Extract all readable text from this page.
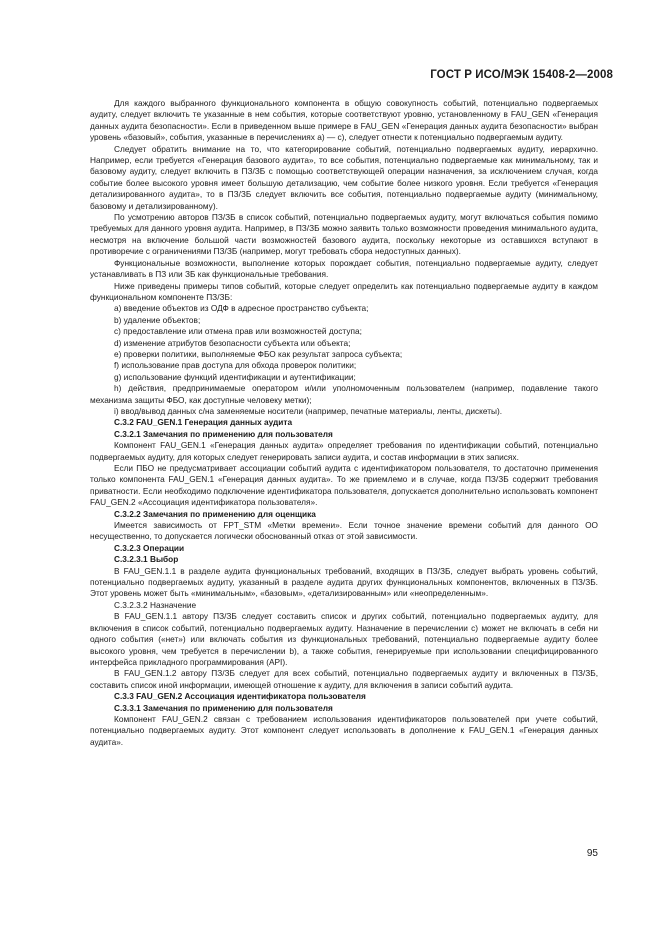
ГОСТ Р ИСО/МЭК 15408-2—2008

Для каждого выбранного функционального компонента в общую совокупность событий, потенциально подвергаемых аудиту, следует включить те указанные в нем события, которые соответствуют уровню, установленному в FAU_GEN «Генерация данных аудита безопасности». Если в приведенном выше примере в FAU_GEN «Генерация данных аудита безопасности» выбран уровень «базовый», события, указанные в перечислениях а) — с), следует отнести к потенциально подвергаемым аудиту.

Следует обратить внимание на то, что категорирование событий, потенциально подвергаемых аудиту, иерархично. Например, если требуется «Генерация базового аудита», то все события, потенциально подвергаемые как минимальному, так и базовому аудиту, следует включить в ПЗ/ЗБ с помощью соответствующей операции назначения, за исключением случая, когда событие более высокого уровня имеет большую детализацию, чем событие более низкого уровня. Если требуется «Генерация детализированного аудита», то в ПЗ/ЗБ следует включить все события, потенциально подвергаемые аудиту (минимальному, базовому и детализированному).

По усмотрению авторов ПЗ/ЗБ в список событий, потенциально подвергаемых аудиту, могут включаться события помимо требуемых для данного уровня аудита. Например, в ПЗ/ЗБ можно заявить только возможности проведения минимального аудита, несмотря на включение большой части возможностей базового аудита, поскольку некоторые из оставшихся вступают в противоречие с ограничениями ПЗ/ЗБ (например, могут требовать сбора недоступных данных).

Функциональные возможности, выполнение которых порождает события, потенциально подвергаемые аудиту, следует устанавливать в ПЗ или ЗБ как функциональные требования.

Ниже приведены примеры типов событий, которые следует определить как потенциально подвергаемые аудиту в каждом функциональном компоненте ПЗ/ЗБ:

a) введение объектов из ОДФ в адресное пространство субъекта;

b) удаление объектов;

c) предоставление или отмена прав или возможностей доступа;

d) изменение атрибутов безопасности субъекта или объекта;

e) проверки политики, выполняемые ФБО как результат запроса субъекта;

f) использование прав доступа для обхода проверок политики;

g) использование функций идентификации и аутентификации;

h) действия, предпринимаемые оператором и/или уполномоченным пользователем (например, подавление такого механизма защиты ФБО, как доступные человеку метки);

i) ввод/вывод данных с/на заменяемые носители (например, печатные материалы, ленты, дискеты).

C.3.2 FAU_GEN.1 Генерация данных аудита

C.3.2.1 Замечания по применению для пользователя

Компонент FAU_GEN.1 «Генерация данных аудита» определяет требования по идентификации событий, потенциально подвергаемых аудиту, для которых следует генерировать записи аудита, и состав информации в этих записях.

Если ПБО не предусматривает ассоциации событий аудита с идентификатором пользователя, то достаточно применения только компонента FAU_GEN.1 «Генерация данных аудита». То же приемлемо и в случае, когда ПЗ/ЗБ содержит требования приватности. Если необходимо подключение идентификатора пользователя, допускается дополнительно использовать компонент FAU_GEN.2 «Ассоциация идентификатора пользователя».

C.3.2.2 Замечания по применению для оценщика

Имеется зависимость от FPT_STM «Метки времени». Если точное значение времени событий для данного ОО несущественно, то допускается логически обоснованный отказ от этой зависимости.

C.3.2.3 Операции

C.3.2.3.1 Выбор

В FAU_GEN.1.1 в разделе аудита функциональных требований, входящих в ПЗ/ЗБ, следует выбрать уровень событий, потенциально подвергаемых аудиту, указанный в разделе аудита других функциональных компонентов, включенных в ПЗ/ЗБ. Этот уровень может быть «минимальным», «базовым», «детализированным» или «неопределенным».

C.3.2.3.2 Назначение

В FAU_GEN.1.1 автору ПЗ/ЗБ следует составить список и других событий, потенциально подвергаемых аудиту, для включения в список событий, потенциально подвергаемых аудиту. Назначение в перечислении c) может не включать в себя ни одного события («нет») или включать события из функциональных требований, потенциально подвергаемые аудиту более высокого уровня, чем требуется в перечислении b), а также события, генерируемые при использовании специфицированного интерфейса прикладного программирования (API).

В FAU_GEN.1.2 автору ПЗ/ЗБ следует для всех событий, потенциально подвергаемых аудиту и включенных в ПЗ/ЗБ, составить список иной информации, имеющей отношение к аудиту, для включения в записи событий аудита.

C.3.3 FAU_GEN.2 Ассоциация идентификатора пользователя

C.3.3.1 Замечания по применению для пользователя

Компонент FAU_GEN.2 связан с требованием использования идентификаторов пользователей при учете событий, потенциально подвергаемых аудиту. Этот компонент следует использовать в дополнение к FAU_GEN.1 «Генерация данных аудита».

95
